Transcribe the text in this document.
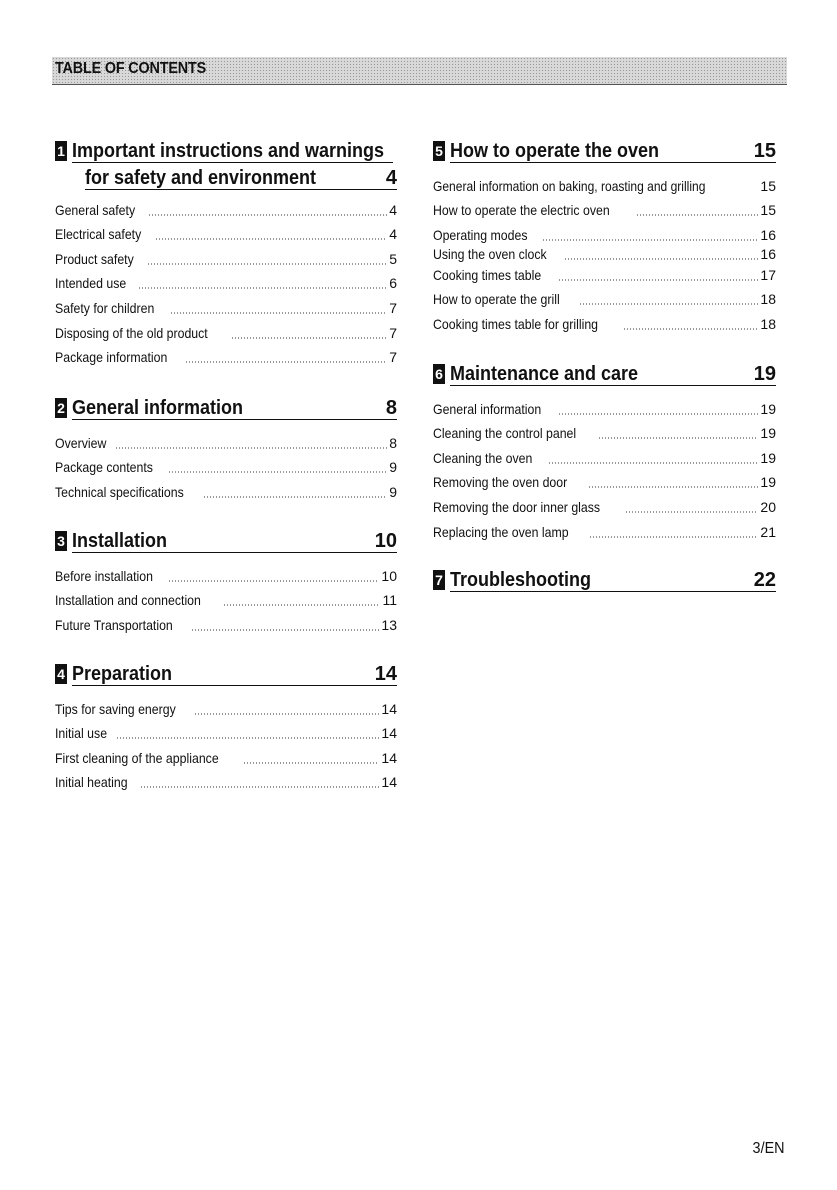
TABLE OF CONTENTS
1 Important instructions and warnings
for safety and environment	4
General safety	4
Electrical safety	4
Product safety	5
Intended use	6
Safety for children	7
Disposing of the old product	7
Package information	7
2 General information	8
Overview	8
Package contents	9
Technical specifications	9
3 Installation	10
Before installation	10
Installation and connection	11
Future Transportation	13
4 Preparation	14
Tips for saving energy	14
Initial use	14
First cleaning of the appliance	14
Initial heating	14
5 How to operate the oven	15
General information on baking, roasting and grilling	15
How to operate the electric oven	15
Operating modes	16
Using the oven clock	16
Cooking times table	17
How to operate the grill	18
Cooking times table for grilling	18
6 Maintenance and care	19
General information	19
Cleaning the control panel	19
Cleaning the oven	19
Removing the oven door	19
Removing the door inner glass	20
Replacing the oven lamp	21
7 Troubleshooting	22
3/EN
